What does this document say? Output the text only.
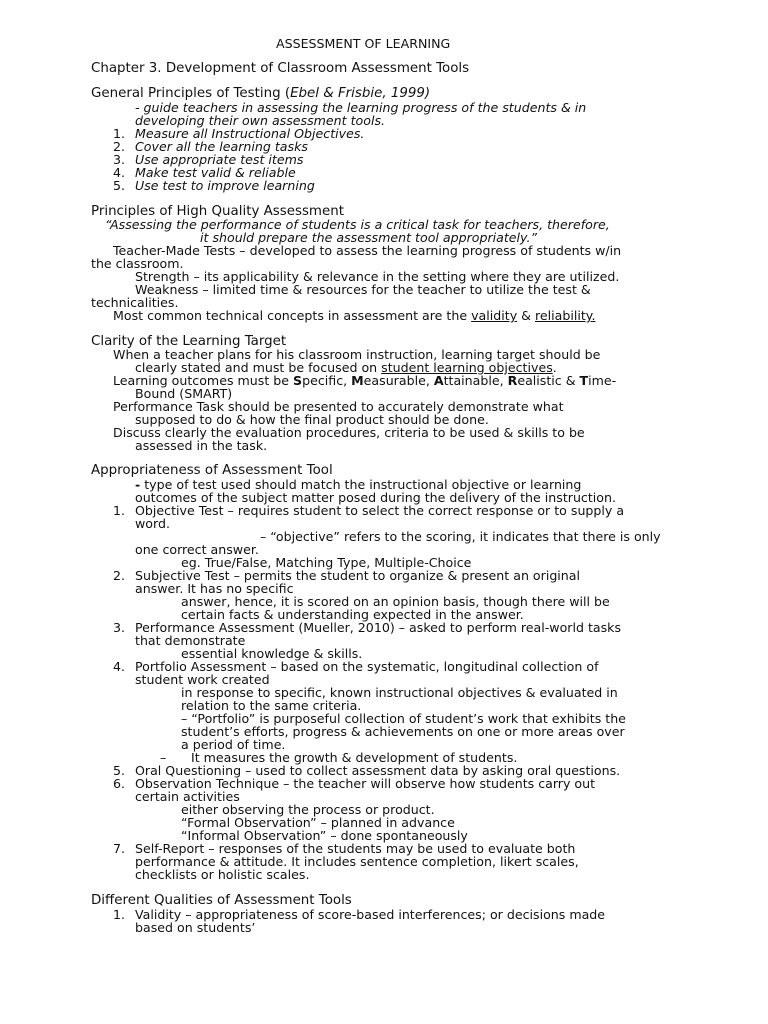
ASSESSMENT OF LEARNING
Chapter 3. Development of Classroom Assessment Tools
General Principles of Testing (Ebel & Frisbie, 1999)
- guide teachers in assessing the learning progress of the students & in
developing their own assessment tools.
1. Measure all Instructional Objectives.
2. Cover all the learning tasks
3. Use appropriate test items
4. Make test valid & reliable
5. Use test to improve learning
Principles of High Quality Assessment
“Assessing the performance of students is a critical task for teachers, therefore,
it should prepare the assessment tool appropriately.”
Teacher-Made Tests – developed to assess the learning progress of students w/in
the classroom.
Strength – its applicability & relevance in the setting where they are utilized.
Weakness – limited time & resources for the teacher to utilize the test &
technicalities.
Most common technical concepts in assessment are the validity & reliability.
Clarity of the Learning Target
When a teacher plans for his classroom instruction, learning target should be
clearly stated and must be focused on student learning objectives.
Learning outcomes must be Specific, Measurable, Attainable, Realistic & Time-
Bound (SMART)
Performance Task should be presented to accurately demonstrate what
supposed to do & how the final product should be done.
Discuss clearly the evaluation procedures, criteria to be used & skills to be
assessed in the task.
Appropriateness of Assessment Tool
- type of test used should match the instructional objective or learning
outcomes of the subject matter posed during the delivery of the instruction.
1. Objective Test – requires student to select the correct response or to supply a
word.
– “objective” refers to the scoring, it indicates that there is only
one correct answer.
eg. True/False, Matching Type, Multiple-Choice
2. Subjective Test – permits the student to organize & present an original
answer. It has no specific
answer, hence, it is scored on an opinion basis, though there will be
certain facts & understanding expected in the answer.
3. Performance Assessment (Mueller, 2010) – asked to perform real-world tasks
that demonstrate
essential knowledge & skills.
4. Portfolio Assessment – based on the systematic, longitudinal collection of
student work created
in response to specific, known instructional objectives & evaluated in
relation to the same criteria.
– “Portfolio” is purposeful collection of student’s work that exhibits the
student’s efforts, progress & achievements on one or more areas over
a period of time.
– It measures the growth & development of students.
5. Oral Questioning – used to collect assessment data by asking oral questions.
6. Observation Technique – the teacher will observe how students carry out
certain activities
either observing the process or product.
“Formal Observation” – planned in advance
“Informal Observation” – done spontaneously
7. Self-Report – responses of the students may be used to evaluate both
performance & attitude. It includes sentence completion, likert scales,
checklists or holistic scales.
Different Qualities of Assessment Tools
1. Validity – appropriateness of score-based interferences; or decisions made
based on students’
